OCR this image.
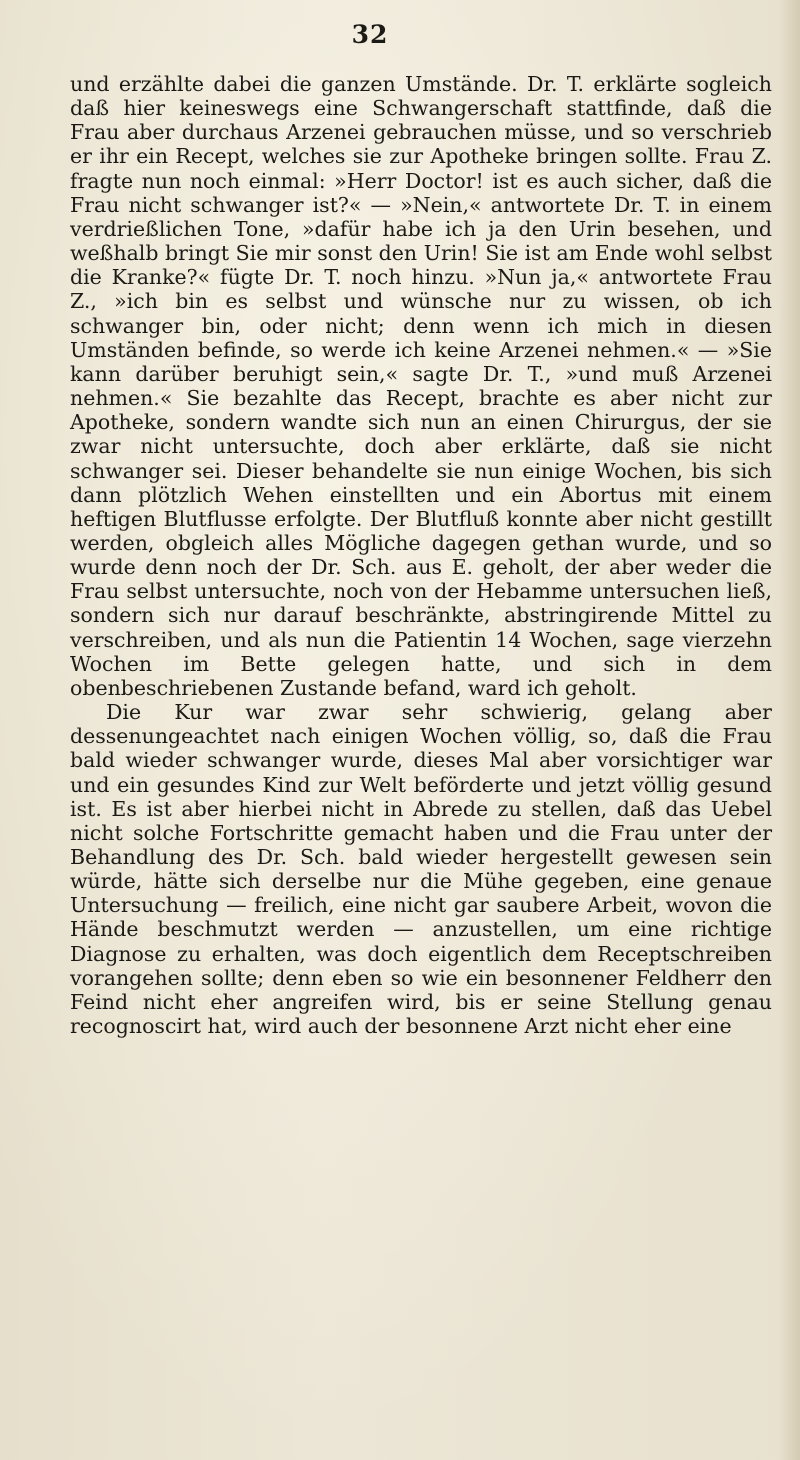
32

und erzählte dabei die ganzen Umstände. Dr. T. erklärte sogleich daß hier keineswegs eine Schwangerschaft stattfinde, daß die Frau aber durchaus Arzenei gebrauchen müsse, und so verschrieb er ihr ein Recept, welches sie zur Apotheke bringen sollte. Frau Z. fragte nun noch einmal: »Herr Doctor! ist es auch sicher, daß die Frau nicht schwanger ist?« — »Nein,« antwortete Dr. T. in einem verdrießlichen Tone, »dafür habe ich ja den Urin besehen, und weßhalb bringt Sie mir sonst den Urin! Sie ist am Ende wohl selbst die Kranke?« fügte Dr. T. noch hinzu. »Nun ja,« antwortete Frau Z., »ich bin es selbst und wünsche nur zu wissen, ob ich schwanger bin, oder nicht; denn wenn ich mich in diesen Umständen befinde, so werde ich keine Arzenei nehmen.« — »Sie kann darüber beruhigt sein,« sagte Dr. T., »und muß Arzenei nehmen.« Sie bezahlte das Recept, brachte es aber nicht zur Apotheke, sondern wandte sich nun an einen Chirurgus, der sie zwar nicht untersuchte, doch aber erklärte, daß sie nicht schwanger sei. Dieser behandelte sie nun einige Wochen, bis sich dann plötzlich Wehen einstellten und ein Abortus mit einem heftigen Blutflusse erfolgte. Der Blutfluß konnte aber nicht gestillt werden, obgleich alles Mögliche dagegen gethan wurde, und so wurde denn noch der Dr. Sch. aus E. geholt, der aber weder die Frau selbst untersuchte, noch von der Hebamme untersuchen ließ, sondern sich nur darauf beschränkte, abstringirende Mittel zu verschreiben, und als nun die Patientin 14 Wochen, sage vierzehn Wochen im Bette gelegen hatte, und sich in dem obenbeschriebenen Zustande befand, ward ich geholt.

Die Kur war zwar sehr schwierig, gelang aber dessenungeachtet nach einigen Wochen völlig, so, daß die Frau bald wieder schwanger wurde, dieses Mal aber vorsichtiger war und ein gesundes Kind zur Welt beförderte und jetzt völlig gesund ist. Es ist aber hierbei nicht in Abrede zu stellen, daß das Uebel nicht solche Fortschritte gemacht haben und die Frau unter der Behandlung des Dr. Sch. bald wieder hergestellt gewesen sein würde, hätte sich derselbe nur die Mühe gegeben, eine genaue Untersuchung — freilich, eine nicht gar saubere Arbeit, wovon die Hände beschmutzt werden — anzustellen, um eine richtige Diagnose zu erhalten, was doch eigentlich dem Receptschreiben vorangehen sollte; denn eben so wie ein besonnener Feldherr den Feind nicht eher angreifen wird, bis er seine Stellung genau recognoscirt hat, wird auch der besonnene Arzt nicht eher eine
